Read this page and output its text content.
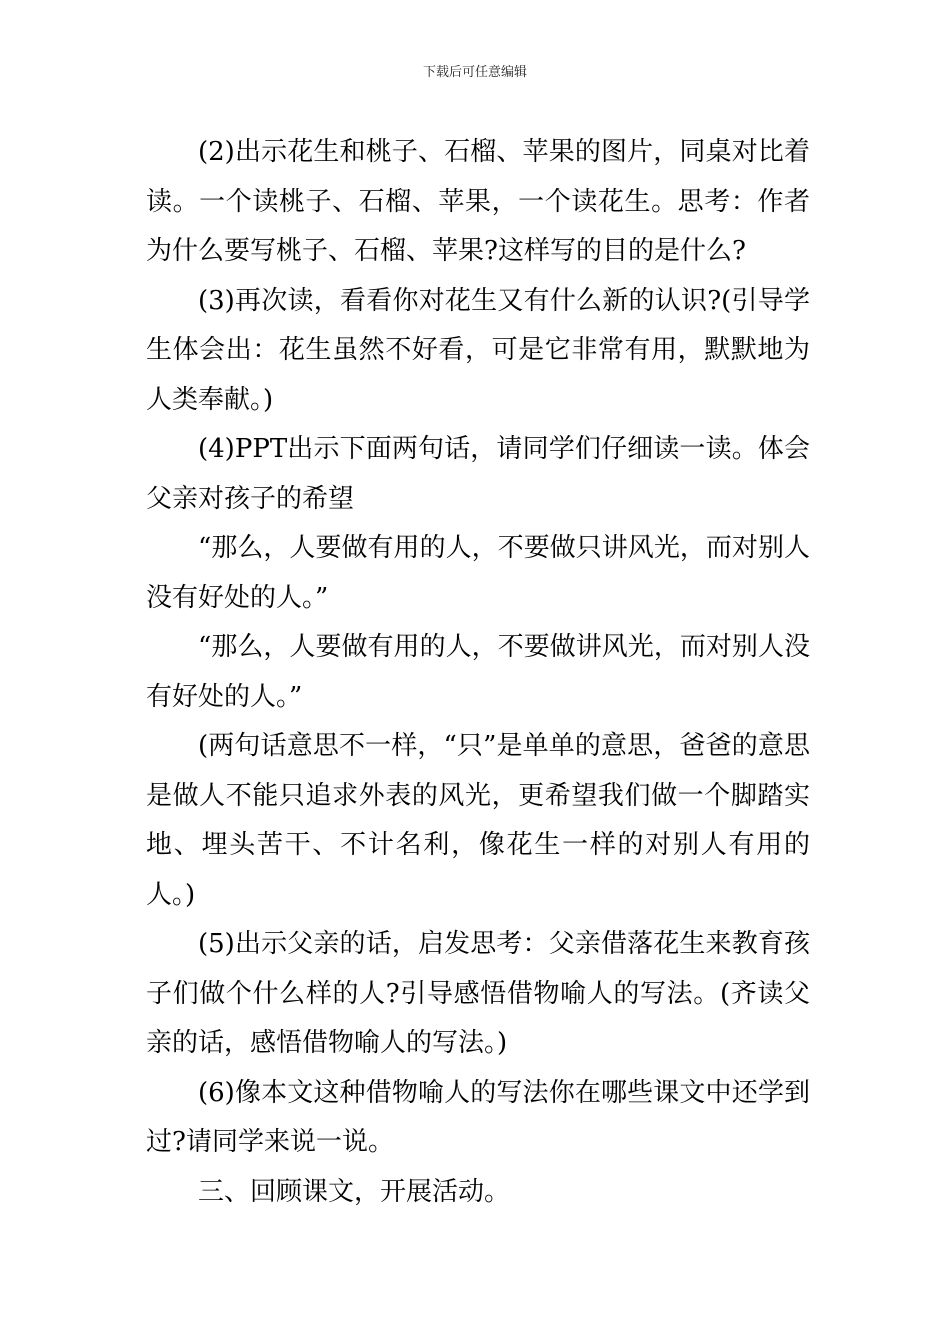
下载后可任意编辑

(2)出示花生和桃子、石榴、苹果的图片，同桌对比着读。一个读桃子、石榴、苹果，一个读花生。思考：作者为什么要写桃子、石榴、苹果?这样写的目的是什么?

(3)再次读，看看你对花生又有什么新的认识?(引导学生体会出：花生虽然不好看，可是它非常有用，默默地为人类奉献。)

(4)PPT出示下面两句话，请同学们仔细读一读。体会父亲对孩子的希望

“那么，人要做有用的人，不要做只讲风光，而对别人没有好处的人。”

“那么，人要做有用的人，不要做讲风光，而对别人没有好处的人。”

(两句话意思不一样，“只”是单单的意思，爸爸的意思是做人不能只追求外表的风光，更希望我们做一个脚踏实地、埋头苦干、不计名利，像花生一样的对别人有用的人。)

(5)出示父亲的话，启发思考：父亲借落花生来教育孩子们做个什么样的人?引导感悟借物喻人的写法。(齐读父亲的话，感悟借物喻人的写法。)

(6)像本文这种借物喻人的写法你在哪些课文中还学到过?请同学来说一说。

三、回顾课文，开展活动。
